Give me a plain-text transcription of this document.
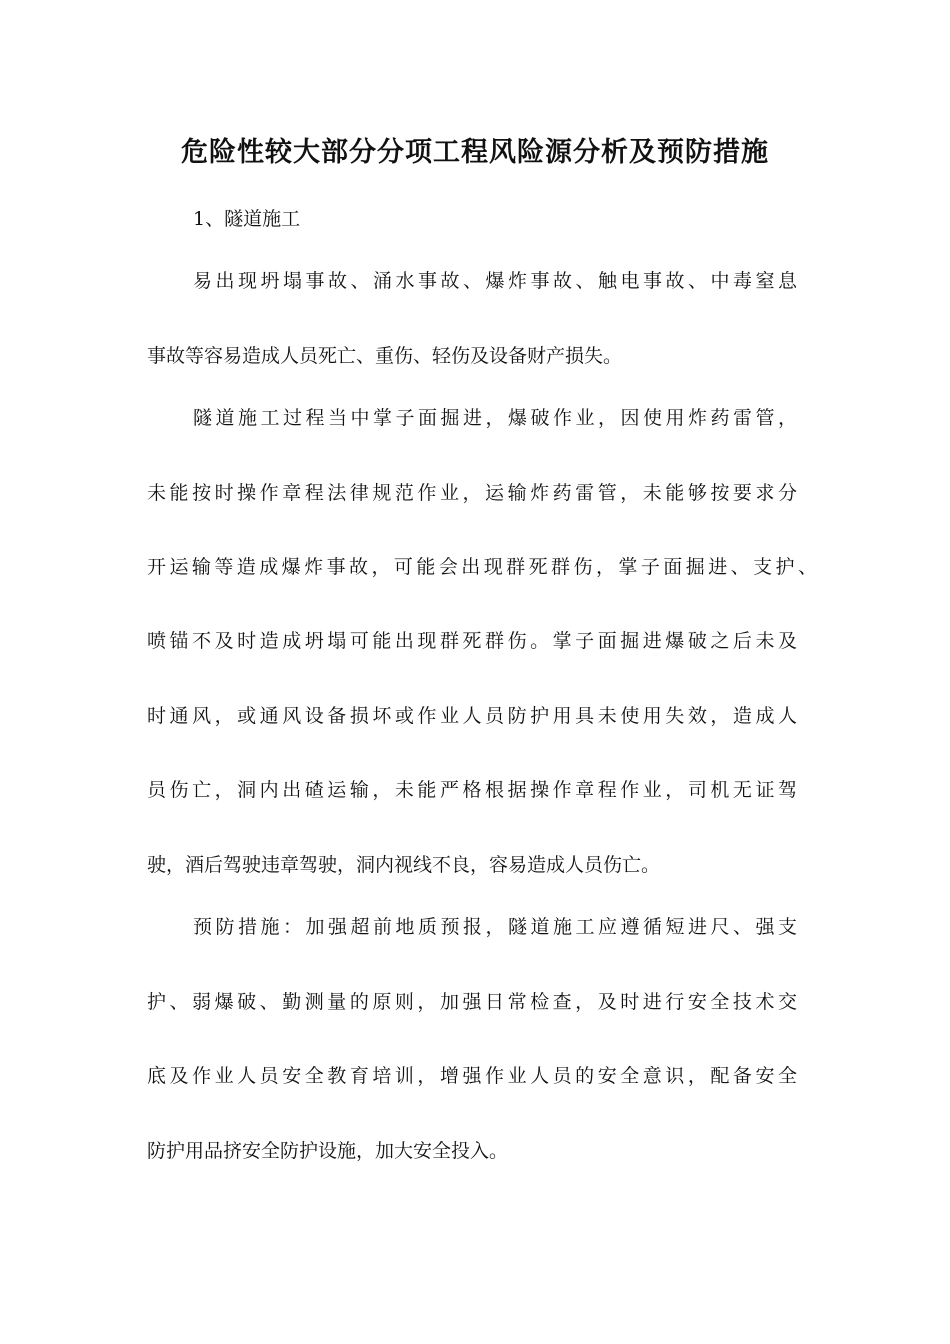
危险性较大部分分项工程风险源分析及预防措施
1、隧道施工
易出现坍塌事故、涌水事故、爆炸事故、触电事故、中毒窒息
事故等容易造成人员死亡、重伤、轻伤及设备财产损失。
隧道施工过程当中掌子面掘进，爆破作业，因使用炸药雷管，
未能按时操作章程法律规范作业，运输炸药雷管，未能够按要求分
开运输等造成爆炸事故，可能会出现群死群伤，掌子面掘进、支护、
喷锚不及时造成坍塌可能出现群死群伤。掌子面掘进爆破之后未及
时通风，或通风设备损坏或作业人员防护用具未使用失效，造成人
员伤亡，洞内出碴运输，未能严格根据操作章程作业，司机无证驾
驶，酒后驾驶违章驾驶，洞内视线不良，容易造成人员伤亡。
预防措施：加强超前地质预报，隧道施工应遵循短进尺、强支
护、弱爆破、勤测量的原则，加强日常检查，及时进行安全技术交
底及作业人员安全教育培训，增强作业人员的安全意识，配备安全
防护用品挤安全防护设施，加大安全投入。
